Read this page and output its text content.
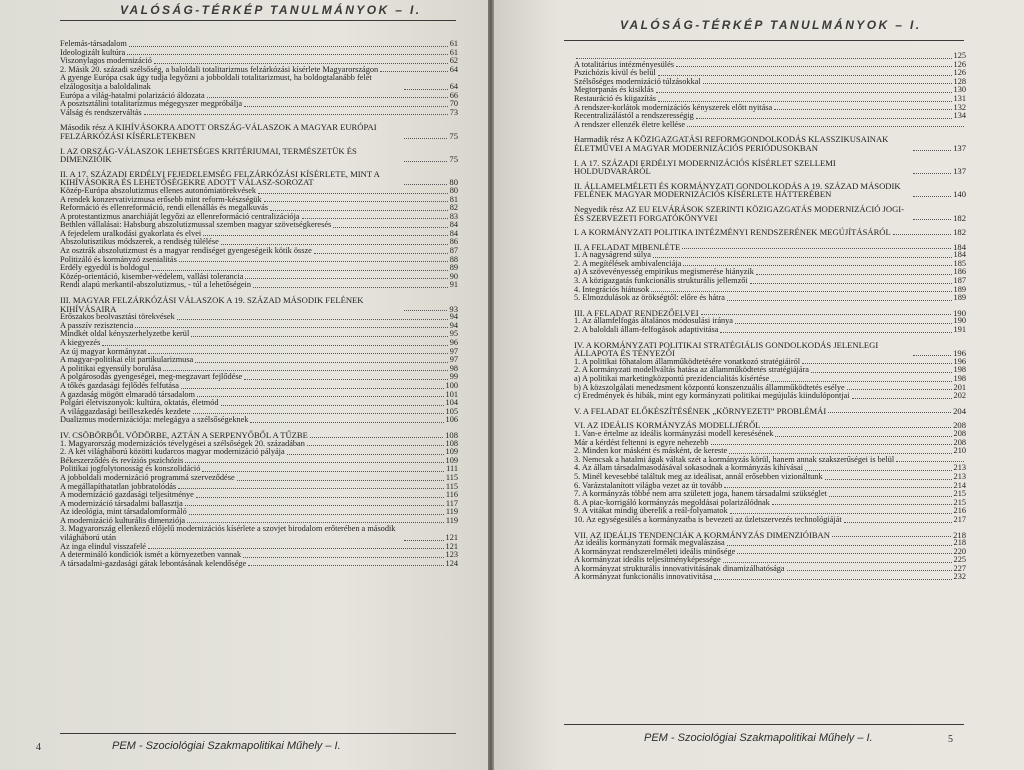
VALÓSÁG-TÉRKÉP TANULMÁNYOK – I.
Felemás-társadalom	61
Ideologizált kultúra	61
Viszonylagos modernizáció	62
2. Másik 20. századi szélsőség, a baloldali totalitarizmus felzárkózási kísérlete Magyarországon	64
A gyenge Európa csak úgy tudja legyőzni a jobboldali totalitarizmust, ha boldogtalanább felét elzálogosítja a baloldalinak	64
Európa a világ-hatalmi polarizáció áldozata	66
A posztsztálini totalitarizmus mégegyszer megpróbálja	70
Válság és rendszerváltás	73
Második rész A KIHÍVÁSOKRA ADOTT ORSZÁG-VÁLASZOK A MAGYAR EURÓPAI FELZÁRKÓZÁSI KÍSÉRLETEKBEN	75
I. AZ ORSZÁG-VÁLASZOK LEHETSÉGES KRITÉRIUMAI, TERMÉSZETÜK ÉS DIMENZIÓIK	75
II. A 17. SZÁZADI ERDÉLYI FEJEDELEMSÉG FELZÁRKÓZÁSI KÍSÉRLETE, MINT A KIHÍVÁSOKRA ÉS LEHETŐSÉGEKRE ADOTT VÁLASZ-SOROZAT	80
Közép-Európa abszolutizmus ellenes autonómiatörekvések	80
A rendek konzervativizmusa erősebb mint reform-készségük	81
Reformáció és ellenreformáció, rendi ellenállás és megalkuvás	82
A protestantizmus anarchiáját legyőzi az ellenreformáció centralizációja	83
Bethlen vállalásai: Habsburg abszolutizmussal szemben magyar szövetségkeresés	84
A fejedelem uralkodási gyakorlata és elvei	84
Abszolutisztikus módszerek, a rendiség túlélése	86
Az osztrák abszolutizmust és a magyar rendiséget gyengeségeik kötik össze	87
Politizáló és kormányzó zsenialitás	88
Erdély egyedül is boldogul	89
Közép-orientáció, kisember-védelem, vallási tolerancia	90
Rendi alapú merkantil-abszolutizmus, - túl a lehetőségein	91
III. MAGYAR FELZÁRKÓZÁSI VÁLASZOK A 19. SZÁZAD MÁSODIK FELÉNEK KIHÍVÁSAIRA	93
Erőszakos beolvasztási törekvések	94
A passzív rezisztencia	94
Mindkét oldal kényszerhelyzetbe kerül	95
A kiegyezés	96
Az új magyar kormányzat	97
A magyar-politikai elit partikularizmusa	97
A politikai egyensúly borulása	98
A polgárosodás gyengeségei, meg-megzavart fejlődése	99
A tőkés gazdasági fejlődés felfutása	100
A gazdaság mögött elmaradó társadalom	101
Polgári életviszonyok: kultúra, oktatás, életmód	104
A világgazdasági beilleszkedés kezdete	105
Dualizmus modernizációja: melegágya a szélsőségeknek	106
IV. CSÖBÖRBŐL VÖDÖRBE, AZTÁN A SERPENYŐBŐL A TŰZBE	108
1. Magyarország modernizációs tévelygései a szélsőségek 20. századában	108
2. A két világháború közötti kudarcos magyar modernizáció pályája	109
Békeszerződés és revíziós pszichózis	109
Politikai jogfolytonosság és konszolidáció	111
A jobboldali modernizáció programmá szerveződése	115
A megállapíthatatlan jobbratolódás	115
A modernizáció gazdasági teljesítménye	116
A modernizáció társadalmi ballasztja	117
Az ideológia, mint társadalomformáló	119
A modernizáció kulturális dimenziója	119
3. Magyarország ellenkező előjelű modernizációs kísérlete a szovjet birodalom erőterében a második világháború után	121
Az inga elindul visszafelé	121
A determináló kondíciók ismét a környezetben vannak	123
A társadalmi-gazdasági gátak lebontásának kelendősége	124
4	PEM - Szociológiai Szakmapolitikai Műhely – I.
VALÓSÁG-TÉRKÉP TANULMÁNYOK – I.
125
A totalitárius intézményesülés	126
Pszichózis kívül és belül	126
Szélsőséges modernizáció túlzásokkal	128
Megtorpanás és kisiklás	130
Restauráció és kiigazítás	131
A rendszer-korlátok modernizációs kényszerek előtt nyitása	132
Recentralizálástól a rendszerességig	134
A rendszer ellenzék életre kellése
Harmadik rész A KÖZIGAZGATÁSI REFORMGONDOLKODÁS KLASSZIKUSAINAK ÉLETMŰVEI A MAGYAR MODERNIZÁCIÓS PERIÓDUSOKBAN	137
I. A 17. SZÁZADI ERDÉLYI MODERNIZÁCIÓS KÍSÉRLET SZELLEMI HOLDUDVARÁRÓL	137
II. ÁLLAMELMÉLETI ÉS KORMÁNYZATI GONDOLKODÁS A 19. SZÁZAD MÁSODIK FELÉNEK MAGYAR MODERNIZÁCIÓS KÍSÉRLETE HÁTTERÉBEN	140
Negyedik rész AZ EU ELVÁRÁSOK SZERINTI KÖZIGAZGATÁS MODERNIZÁCIÓ JOGI- ÉS SZERVEZETI FORGATÓKÖNYVEI	182
I. A KORMÁNYZATI POLITIKA INTÉZMÉNYI RENDSZERÉNEK MEGÚJÍTÁSÁRÓL	182
II. A FELADAT MIBENLÉTE	184
1. A nagyságrend súlya	184
2. A megítélések ambivalenciája	185
a) A szövevényesség empirikus megismerése hiányzik	186
3. A közigazgatás funkcionális strukturális jellemzői	187
4. Integrációs hiátusok	189
5. Elmozdulások az örökségtől: előre és hátra	189
III. A FELADAT RENDEZŐELVEI	190
1. Az államfelfogás általános módosulási iránya	190
2. A baloldali állam-felfogások adaptivitása	191
IV. A KORMÁNYZATI POLITIKAI STRATÉGIÁLIS GONDOLKODÁS JELENLEGI ÁLLAPOTA ÉS TÉNYEZŐI	196
1. A politikai főhatalom államműködtetésére vonatkozó stratégiáiról	196
2. A kormányzati modellváltás hatása az államműködtetés stratégiájára	198
a) A politikai marketingközpontú prezidencialitás kísértése	198
b) A közszolgálati menedzsment központú konszenzuális államműködtetés esélye	201
c) Eredmények és hibák, mint egy kormányzati politikai megújulás kiindulópontjai	202
V. A FELADAT ELŐKÉSZÍTÉSÉNEK „KÖRNYEZETI” PROBLÉMÁI	204
VI. AZ IDEÁLIS KORMÁNYZÁS MODELLJÉRŐL	208
1. Van-e értelme az ideális kormányzási modell keresésének	208
Már a kérdést feltenni is egyre nehezebb	208
2. Minden kor másként és másként, de kereste	210
3. Nemcsak a hatalmi ágak váltak szét a kormányzás körül, hanem annak szakszerűségei is belül
4. Az állam társadalmasodásával sokasodnak a kormányzás kihívásai	213
5. Minél kevesebbé találtuk meg az ideálisat, annál erősebben vizionáltunk	213
6. Varázstalanított világba vezet az út tovább	214
7. A kormányzás többé nem arra született joga, hanem társadalmi szükséglet	215
8. A piac-korrigáló kormányzás megoldásai polarizálódnak	215
9. A vitákat mindig überelik a reál-folyamatok	216
10. Az egységesülés a kormányzatba is bevezeti az üzletszervezés technológiáját	217
VII. AZ IDEÁLIS TENDENCIÁK A KORMÁNYZÁS DIMENZIÓIBAN	218
Az ideális kormányzati formák megvalászása	218
A kormányzat rendszerelméleti ideális minősége	220
A kormányzat ideális teljesítményképessége	225
A kormányzat strukturális innovativitásának dinamizálhatósága	227
A kormányzat funkcionális innovativitása	232
PEM - Szociológiai Szakmapolitikai Műhely – I.	5
